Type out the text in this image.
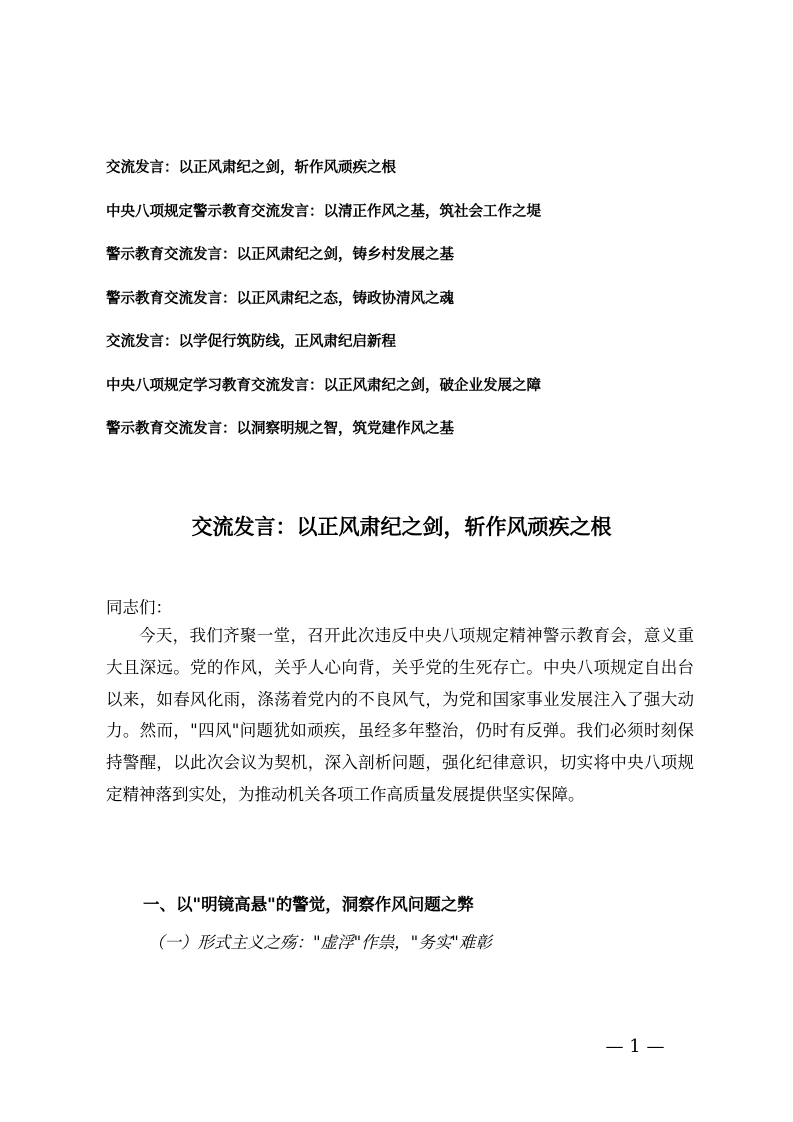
交流发言：以正风肃纪之剑，斩作风顽疾之根
中央八项规定警示教育交流发言：以清正作风之基，筑社会工作之堤
警示教育交流发言：以正风肃纪之剑，铸乡村发展之基
警示教育交流发言：以正风肃纪之态，铸政协清风之魂
交流发言：以学促行筑防线，正风肃纪启新程
中央八项规定学习教育交流发言：以正风肃纪之剑，破企业发展之障
警示教育交流发言：以洞察明规之智，筑党建作风之基
交流发言：以正风肃纪之剑，斩作风顽疾之根

同志们：

今天，我们齐聚一堂，召开此次违反中央八项规定精神警示教育会，意义重大且深远。党的作风，关乎人心向背，关乎党的生死存亡。中央八项规定自出台以来，如春风化雨，涤荡着党内的不良风气，为党和国家事业发展注入了强大动力。然而，"四风"问题犹如顽疾，虽经多年整治，仍时有反弹。我们必须时刻保持警醒，以此次会议为契机，深入剖析问题，强化纪律意识，切实将中央八项规定精神落到实处，为推动机关各项工作高质量发展提供坚实保障。

一、以"明镜高悬"的警觉，洞察作风问题之弊

（一）形式主义之殇："虚浮"作祟，"务实"难彰

— 1 —
